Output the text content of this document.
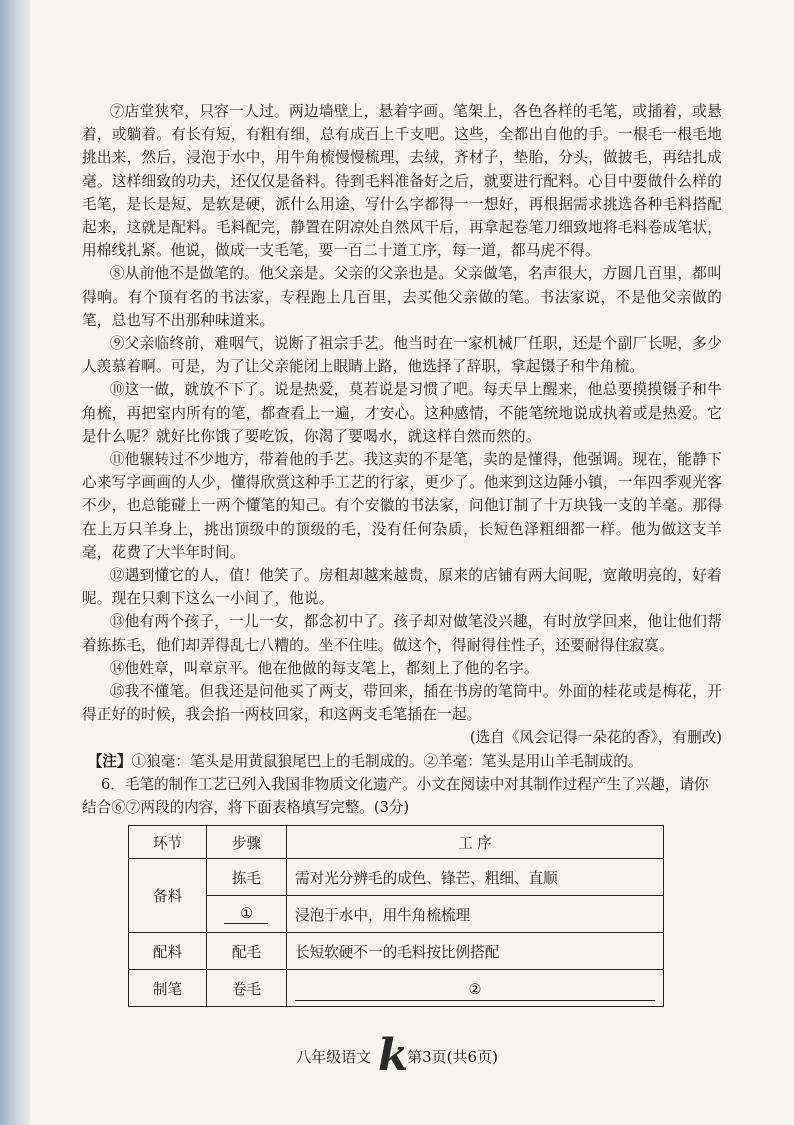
⑦店堂狭窄，只容一人过。两边墙壁上，悬着字画。笔架上，各色各样的毛笔，或插着，或悬着，或躺着。有长有短，有粗有细，总有成百上千支吧。这些，全都出自他的手。一根毛一根毛地挑出来，然后，浸泡于水中，用牛角梳慢慢梳理，去绒，齐材子，垫胎，分头，做披毛，再结扎成毫。这样细致的功夫，还仅仅是备料。待到毛料准备好之后，就要进行配料。心目中要做什么样的毛笔，是长是短、是软是硬，派什么用途、写什么字都得一一想好，再根据需求挑选各种毛料搭配起来，这就是配料。毛料配完，静置在阴凉处自然风干后，再拿起卷笔刀细致地将毛料卷成笔状，用棉线扎紧。他说，做成一支毛笔，要一百二十道工序，每一道，都马虎不得。

⑧从前他不是做笔的。他父亲是。父亲的父亲也是。父亲做笔，名声很大，方圆几百里，都叫得响。有个顶有名的书法家，专程跑上几百里，去买他父亲做的笔。书法家说，不是他父亲做的笔，总也写不出那种味道来。

⑨父亲临终前，难咽气，说断了祖宗手艺。他当时在一家机械厂任职，还是个副厂长呢，多少人羡慕着啊。可是，为了让父亲能闭上眼睛上路，他选择了辞职，拿起镊子和牛角梳。

⑩这一做，就放不下了。说是热爱，莫若说是习惯了吧。每天早上醒来，他总要摸摸镊子和牛角梳，再把室内所有的笔，都查看上一遍，才安心。这种感情，不能笔统地说成执着或是热爱。它是什么呢？就好比你饿了要吃饭，你渴了要喝水，就这样自然而然的。

⑪他辗转过不少地方，带着他的手艺。我这卖的不是笔，卖的是懂得，他强调。现在，能静下心来写字画画的人少，懂得欣赏这种手工艺的行家，更少了。他来到这边陲小镇，一年四季观光客不少，也总能碰上一两个懂笔的知己。有个安徽的书法家，问他订制了十万块钱一支的羊毫。那得在上万只羊身上，挑出顶级中的顶级的毛，没有任何杂质，长短色泽粗细都一样。他为做这支羊毫，花费了大半年时间。

⑫遇到懂它的人，值！他笑了。房租却越来越贵，原来的店铺有两大间呢，宽敞明亮的，好着呢。现在只剩下这么一小间了，他说。

⑬他有两个孩子，一儿一女，都念初中了。孩子却对做笔没兴趣，有时放学回来，他让他们帮着拣拣毛，他们却弄得乱七八糟的。坐不住哇。做这个，得耐得住性子，还要耐得住寂寞。

⑭他姓章，叫章京平。他在他做的每支笔上，都刻上了他的名字。

⑮我不懂笔。但我还是问他买了两支，带回来，插在书房的笔筒中。外面的桂花或是梅花，开得正好的时候，我会掐一两枝回家，和这两支毛笔插在一起。

(选自《风会记得一朵花的香》，有删改)

【注】①狼毫：笔头是用黄鼠狼尾巴上的毛制成的。②羊毫：笔头是用山羊毛制成的。

6．毛笔的制作工艺已列入我国非物质文化遗产。小文在阅读中对其制作过程产生了兴趣，请你结合⑥⑦两段的内容，将下面表格填写完整。(3分)

环节	步骤	工 序
备料	拣毛	需对光分辨毛的成色、锋芒、粗细、直顺
	①	浸泡于水中，用牛角梳梳理
配料	配毛	长短软硬不一的毛料按比例搭配
制笔	卷毛	②
八年级语文 k 第3页(共6页)
